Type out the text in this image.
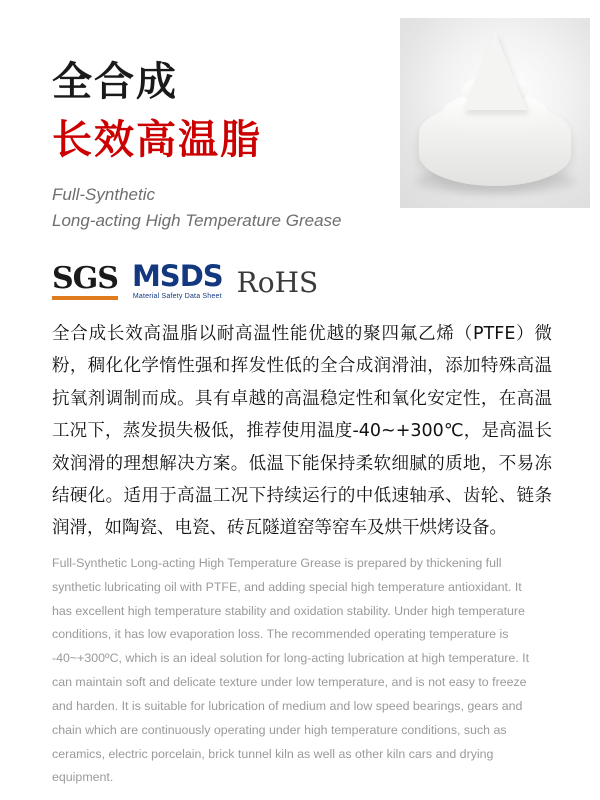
全合成
长效高温脂
Full-Synthetic
Long-acting High Temperature Grease
SGS MSDS
Material Safety Data Sheet RoHS
全合成长效高温脂以耐高温性能优越的聚四氟乙烯（PTFE）微粉，稠化化学惰性强和挥发性低的全合成润滑油，添加特殊高温抗氧剂调制而成。具有卓越的高温稳定性和氧化安定性，在高温工况下，蒸发损失极低，推荐使用温度-40~+300℃，是高温长效润滑的理想解决方案。低温下能保持柔软细腻的质地，不易冻结硬化。适用于高温工况下持续运行的中低速轴承、齿轮、链条润滑，如陶瓷、电瓷、砖瓦隧道窑等窑车及烘干烘烤设备。
Full-Synthetic Long-acting High Temperature Grease is prepared by thickening full synthetic lubricating oil with PTFE, and adding special high temperature antioxidant. It has excellent high temperature stability and oxidation stability. Under high temperature conditions, it has low evaporation loss. The recommended operating temperature is -40~+300ºC, which is an ideal solution for long-acting lubrication at high temperature. It can maintain soft and delicate texture under low temperature, and is not easy to freeze and harden. It is suitable for lubrication of medium and low speed bearings, gears and chain which are continuously operating under high temperature conditions, such as ceramics, electric porcelain, brick tunnel kiln as well as other kiln cars and drying equipment.
